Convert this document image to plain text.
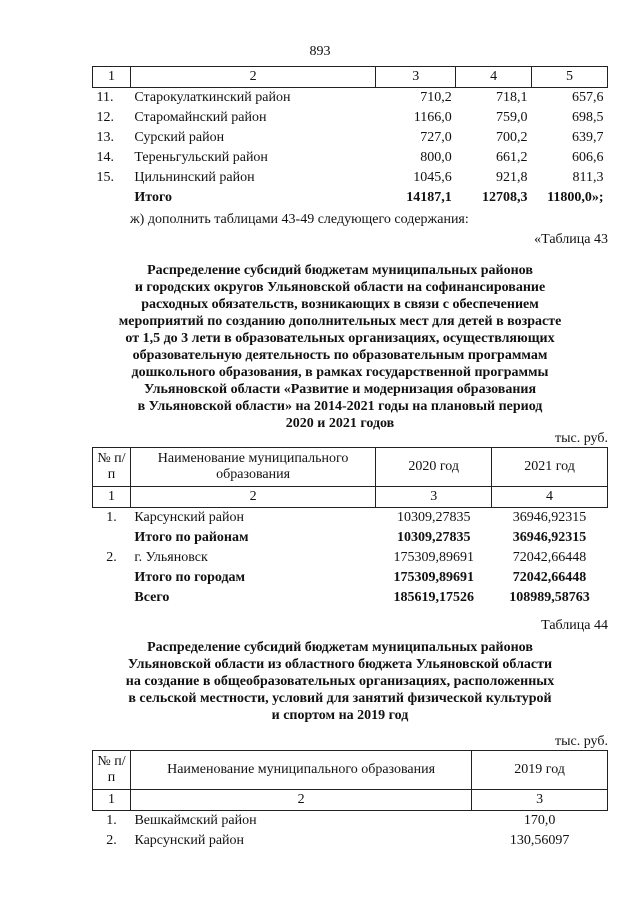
893
1	2	3	4	5
11.	Старокулаткинский район	710,2	718,1	657,6
12.	Старомайнский район	1166,0	759,0	698,5
13.	Сурский район	727,0	700,2	639,7
14.	Тереньгульский район	800,0	661,2	606,6
15.	Цильнинский район	1045,6	921,8	811,3
	Итого	14187,1	12708,3	11800,0»;
ж) дополнить таблицами 43-49 следующего содержания:
«Таблица 43
Распределение субсидий бюджетам муниципальных районов
и городских округов Ульяновской области на софинансирование
расходных обязательств, возникающих в связи с обеспечением
мероприятий по созданию дополнительных мест для детей в возрасте
от 1,5 до 3 лети в образовательных организациях, осуществляющих
образовательную деятельность по образовательным программам
дошкольного образования, в рамках государственной программы
Ульяновской области «Развитие и модернизация образования
в Ульяновской области» на 2014-2021 годы на плановый период
2020 и 2021 годов
тыс. руб.
№ п/п	Наименование муниципального образования	2020 год	2021 год
1	2	3	4
1.	Карсунский район	10309,27835	36946,92315
	Итого по районам	10309,27835	36946,92315
2.	г. Ульяновск	175309,89691	72042,66448
	Итого по городам	175309,89691	72042,66448
	Всего	185619,17526	108989,58763
Таблица 44
Распределение субсидий бюджетам муниципальных районов
Ульяновской области из областного бюджета Ульяновской области
на создание в общеобразовательных организациях, расположенных
в сельской местности, условий для занятий физической культурой
и спортом на 2019 год
тыс. руб.
№ п/п	Наименование муниципального образования	2019 год
1	2	3
1.	Вешкаймский район	170,0
2.	Карсунский район	130,56097
